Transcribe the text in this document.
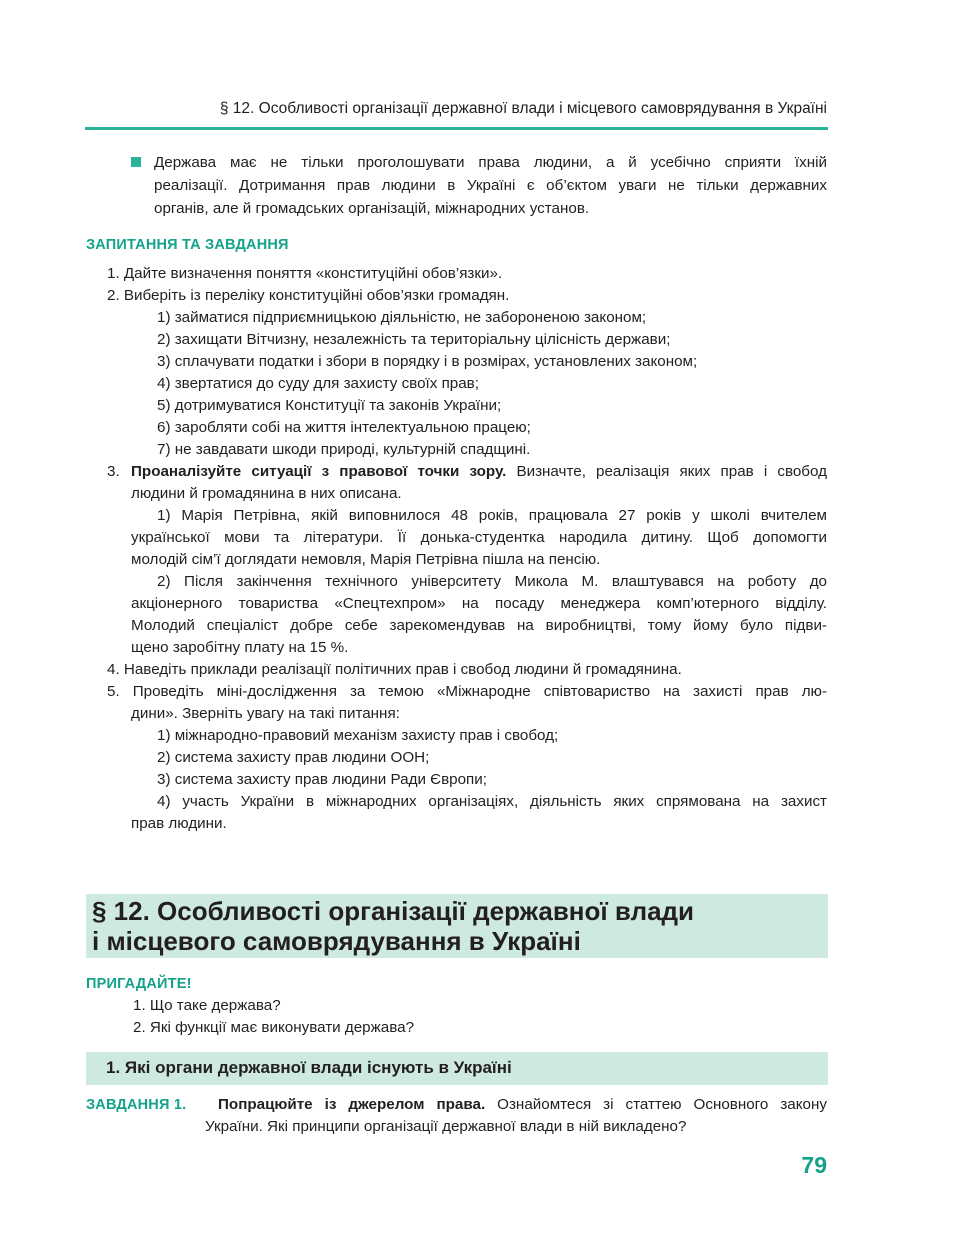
§ 12. Особливості організації державної влади і місцевого самоврядування в Україні
Держава має не тільки проголошувати права людини, а й усебічно сприяти їхній
реалізації. Дотримання прав людини в Україні є об’єктом уваги не тільки державних
органів, але й громадських організацій, міжнародних установ.
ЗАПИТАННЯ ТА ЗАВДАННЯ
1. Дайте визначення поняття «конституційні обов’язки».
2. Виберіть із переліку конституційні обов’язки громадян.
1) займатися підприємницькою діяльністю, не забороненою законом;
2) захищати Вітчизну, незалежність та територіальну цілісність держави;
3) сплачувати податки і збори в порядку і в розмірах, установлених законом;
4) звертатися до суду для захисту своїх прав;
5) дотримуватися Конституції та законів України;
6) заробляти собі на життя інтелектуальною працею;
7) не завдавати шкоди природі, культурній спадщині.
3. Проаналізуйте ситуації з правової точки зору. Визначте, реалізація яких прав і свобод
людини й громадянина в них описана.
1) Марія Петрівна, якій виповнилося 48 років, працювала 27 років у школі вчителем
української мови та літератури. Її донька-студентка народила дитину. Щоб допомогти
молодій сім’ї доглядати немовля, Марія Петрівна пішла на пенсію.
2) Після закінчення технічного університету Микола М. влаштувався на роботу до
акціонерного товариства «Спецтехпром» на посаду менеджера комп’ютерного відділу.
Молодий спеціаліст добре себе зарекомендував на виробництві, тому йому було підви-
щено заробітну плату на 15 %.
4. Наведіть приклади реалізації політичних прав і свобод людини й громадянина.
5. Проведіть міні-дослідження за темою «Міжнародне співтовариство на захисті прав лю-
дини». Зверніть увагу на такі питання:
1) міжнародно-правовий механізм захисту прав і свобод;
2) система захисту прав людини ООН;
3) система захисту прав людини Ради Європи;
4) участь України в міжнародних організаціях, діяльність яких спрямована на захист
прав людини.
§ 12. Особливості організації державної влади
і місцевого самоврядування в Україні
ПРИГАДАЙТЕ!
1. Що таке держава?
2. Які функції має виконувати держава?
1. Які органи державної влади існують в Україні
ЗАВДАННЯ 1. Попрацюйте із джерелом права. Ознайомтеся зі статтею Основного закону
України. Які принципи організації державної влади в ній викладено?
79
